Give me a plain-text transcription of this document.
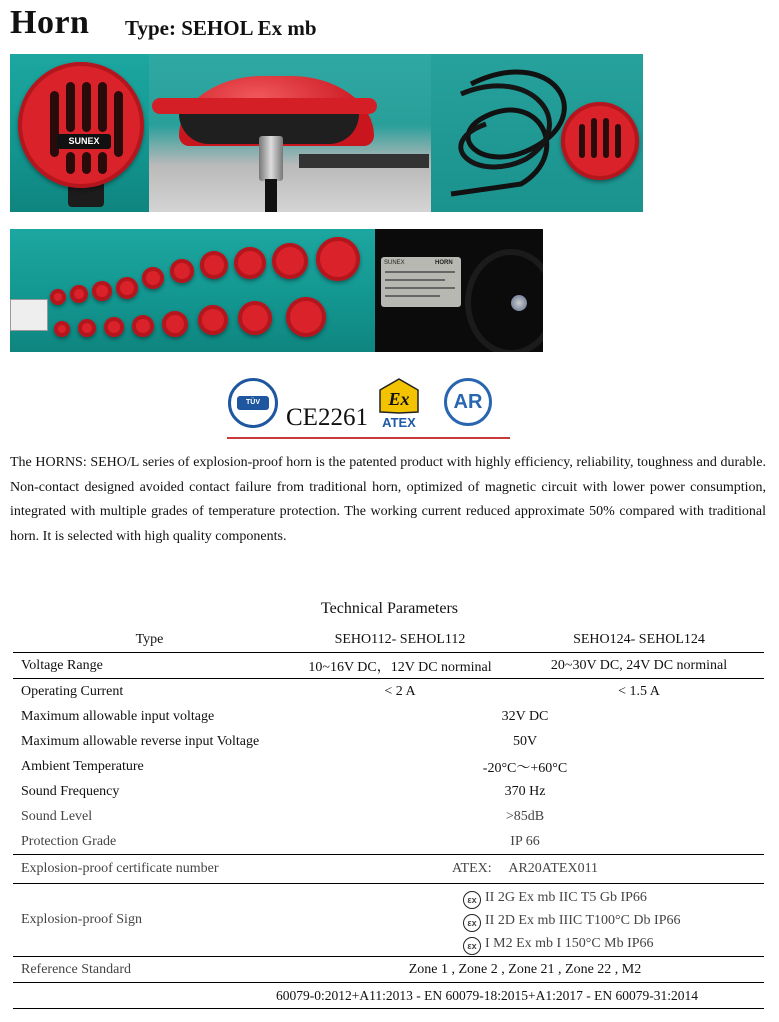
Horn Type: SEHOL Ex mb
SUNEX
SUNEX	HORN
TÜV NORD CE2261
Ex
ATEX
AR
The HORNS: SEHO/L series of explosion-proof horn is the patented product with highly efficiency, reliability, toughness and durable. Non-contact designed avoided contact failure from traditional horn, optimized of magnetic circuit with lower power consumption, integrated with multiple grades of temperature protection. The working current reduced approximate 50% compared with traditional horn. It is selected with high quality components.
Technical Parameters
Type	SEHO112- SEHOL112	SEHO124- SEHOL124
Voltage Range	10~16V DC，12V DC norminal	20~30V DC, 24V DC norminal
Operating Current	< 2 A	< 1.5 A
Maximum allowable input voltage	32V DC
Maximum allowable reverse input Voltage	50V
Ambient Temperature	-20°C～+60°C
Sound Frequency	370 Hz
Sound Level	>85dB
Protection Grade	IP 66
Explosion-proof certificate number	ATEX:     AR20ATEX011
Explosion-proof Sign	εx II 2G Ex mb IIC T5 Gb IP66
εx II 2D Ex mb IIIC T100°C Db IP66
εx I M2 Ex mb I 150°C Mb IP66

Reference Standard	Zone 1 , Zone 2 , Zone 21 , Zone 22 , M2
	60079-0:2012+A11:2013 - EN 60079-18:2015+A1:2017 - EN 60079-31:2014
